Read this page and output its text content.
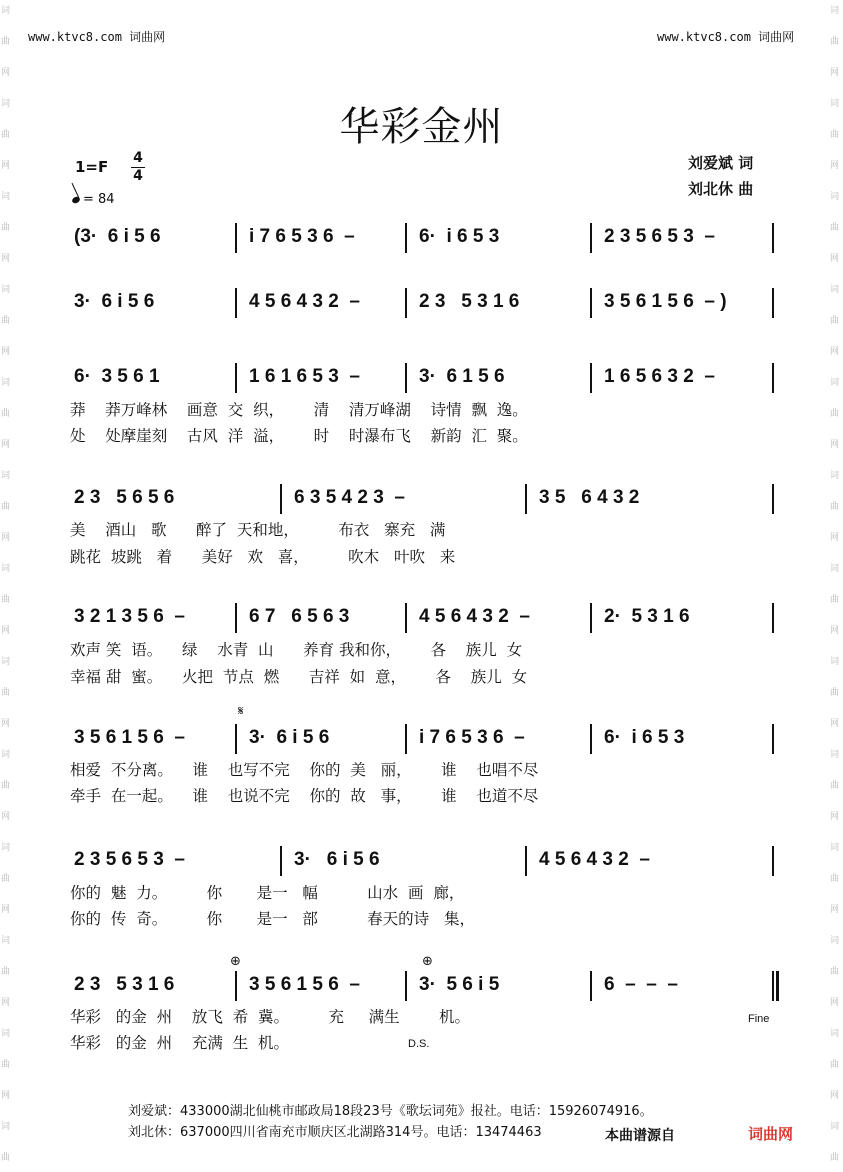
词
曲
网
词
曲
网
词
曲
网
词
曲
网
词
曲
网
词
曲
网
词
曲
网
词
曲
网
词
曲
网
词
曲
网
词
曲
网
词
曲
网
词
曲
词
曲
网
词
曲
网
词
曲
网
词
曲
网
词
曲
网
词
曲
网
词
曲
网
词
曲
网
词
曲
网
词
曲
网
词
曲
网
词
曲
网
词
曲
www.ktvc8.com 词曲网	www.ktvc8.com 词曲网
华彩金州
1=F 4
4
= 84
刘爱斌 词
刘北休 曲
(3·  6 i 5 6	i 7 6 5 3 6  –	6·  i 6 5 3	2 3 5 6 5 3  –
3·  6 i 5 6	4 5 6 4 3 2  –	2 3   5 3 1 6	3 5 6 1 5 6  – )
6·  3 5 6 1	1 6 1 6 5 3  –	3·  6 1 5 6	1 6 5 6 3 2  –
2 3   5 6 5 6	6 3 5 4 2 3  –	3 5   6 4 3 2
3 2 1 3 5 6  –	6 7   6 5 6 3	4 5 6 4 3 2  –	2·  5 3 1 6
3 5 6 1 5 6  –	3·  6 i 5 6	i 7 6 5 3 6  –	6·  i 6 5 3
2 3 5 6 5 3  –	3·   6 i 5 6	4 5 6 4 3 2  –
2 3   5 3 1 6	3 5 6 1 5 6  –	3·  5 6 i 5	6  –  –  –
莽    莽万峰林    画意  交  织，      清    清万峰湖    诗情  飘  逸。
处    处摩崖刻    古风  洋  溢，      时    时瀑布飞    新韵  汇  聚。
美    酒山   歌      醉了  天和地，        布衣   寨充   满
跳花  坡跳   着      美好   欢   喜，        吹木   叶吹   来
欢声 笑  语。    绿    水青  山      养育 我和你，      各    族儿  女
幸福 甜  蜜。    火把  节点  燃      吉祥  如  意，      各    族儿  女
相爱  不分离。    谁    也写不完    你的  美   丽，      谁    也唱不尽
牵手  在一起。    谁    也说不完    你的  故   事，      谁    也道不尽
你的  魅  力。        你       是一   幅          山水  画  廊，
你的  传  奇。        你       是一   部          春天的诗   集，
华彩   的金  州    放飞  希  冀。        充     满生        机。
华彩   的金  州    充满  生  机。
𝄋
⊕	⊕
Fine
D.S.
刘爱斌：433000湖北仙桃市邮政局18段23号《歌坛词苑》报社。电话：15926074916。
刘北休：637000四川省南充市顺庆区北湖路314号。电话：13474463	本曲谱源自	词曲网
